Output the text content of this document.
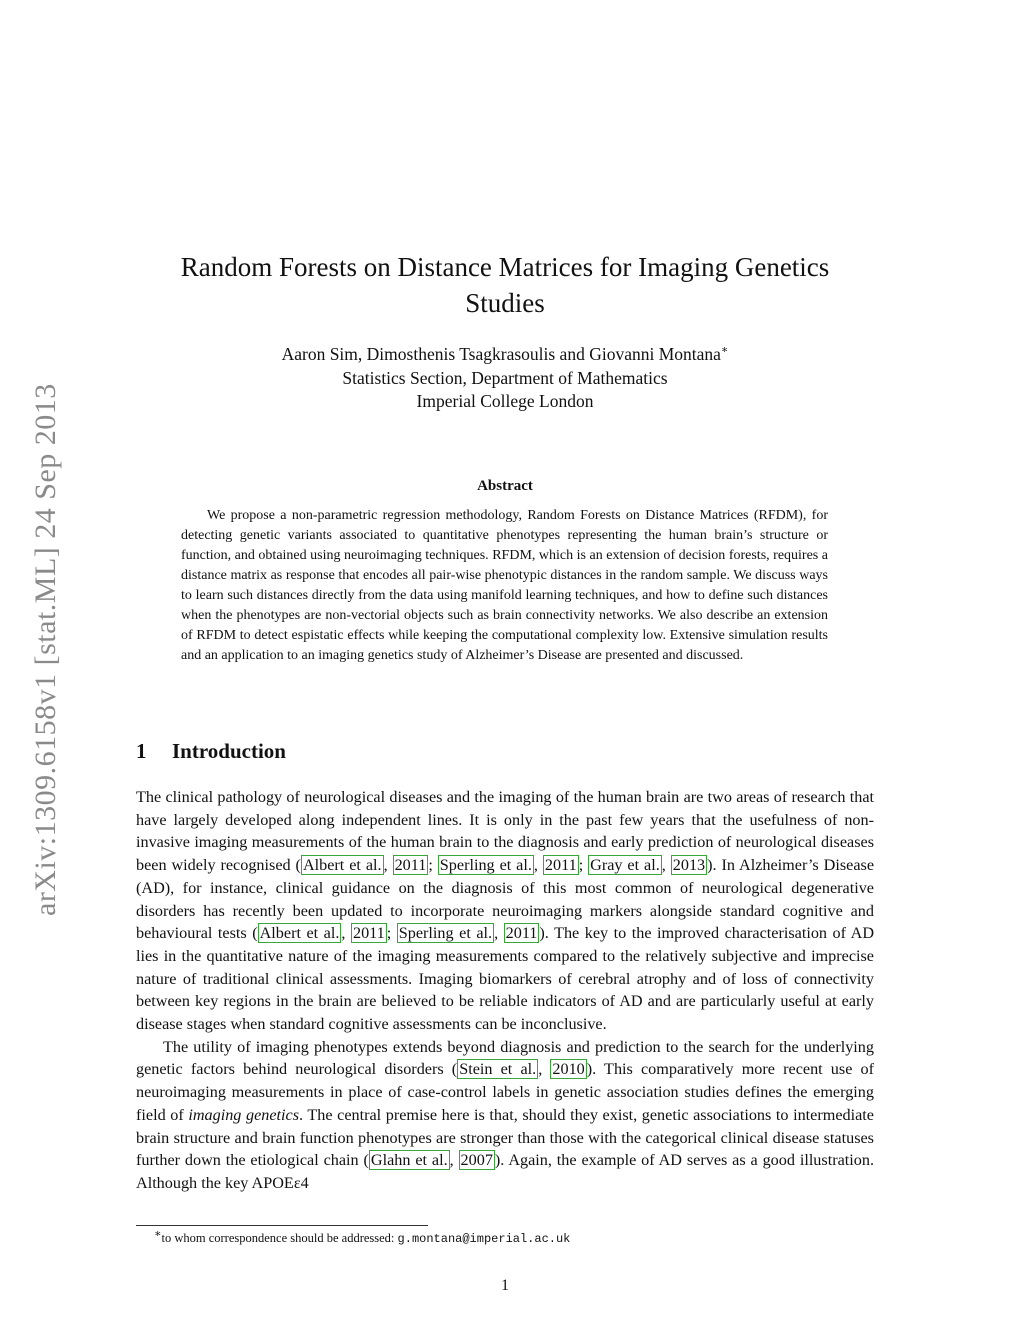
arXiv:1309.6158v1 [stat.ML] 24 Sep 2013
Random Forests on Distance Matrices for Imaging Genetics Studies
Aaron Sim, Dimosthenis Tsagkrasoulis and Giovanni Montana∗
Statistics Section, Department of Mathematics
Imperial College London
Abstract

We propose a non-parametric regression methodology, Random Forests on Distance Matrices (RFDM), for detecting genetic variants associated to quantitative phenotypes representing the human brain’s structure or function, and obtained using neuroimaging techniques. RFDM, which is an extension of decision forests, requires a distance matrix as response that encodes all pair-wise phenotypic distances in the random sample. We discuss ways to learn such distances directly from the data using manifold learning techniques, and how to define such distances when the phenotypes are non-vectorial objects such as brain connectivity networks. We also describe an extension of RFDM to detect espistatic effects while keeping the computational complexity low. Extensive simulation results and an application to an imaging genetics study of Alzheimer’s Disease are presented and discussed.

1 Introduction

The clinical pathology of neurological diseases and the imaging of the human brain are two areas of research that have largely developed along independent lines. It is only in the past few years that the usefulness of non-invasive imaging measurements of the human brain to the diagnosis and early prediction of neurological diseases been widely recognised ( Albert et al. , 2011 ; Sperling et al. , 2011 ; Gray et al. , 2013 ). In Alzheimer’s Disease (AD), for instance, clinical guidance on the diagnosis of this most common of neurological degenerative disorders has recently been updated to incorporate neuroimaging markers alongside standard cognitive and behavioural tests ( Albert et al. , 2011 ; Sperling et al. , 2011 ). The key to the improved characterisation of AD lies in the quantitative nature of the imaging measurements compared to the relatively subjective and imprecise nature of traditional clinical assessments. Imaging biomarkers of cerebral atrophy and of loss of connectivity between key regions in the brain are believed to be reliable indicators of AD and are particularly useful at early disease stages when standard cognitive assessments can be inconclusive.

The utility of imaging phenotypes extends beyond diagnosis and prediction to the search for the underlying genetic factors behind neurological disorders ( Stein et al. , 2010 ). This comparatively more recent use of neuroimaging measurements in place of case-control labels in genetic association studies defines the emerging field of imaging genetics. The central premise here is that, should they exist, genetic associations to intermediate brain structure and brain function phenotypes are stronger than those with the categorical clinical disease statuses further down the etiological chain ( Glahn et al. , 2007 ). Again, the example of AD serves as a good illustration. Although the key APOEε4

∗to whom correspondence should be addressed: g.montana@imperial.ac.uk
1
